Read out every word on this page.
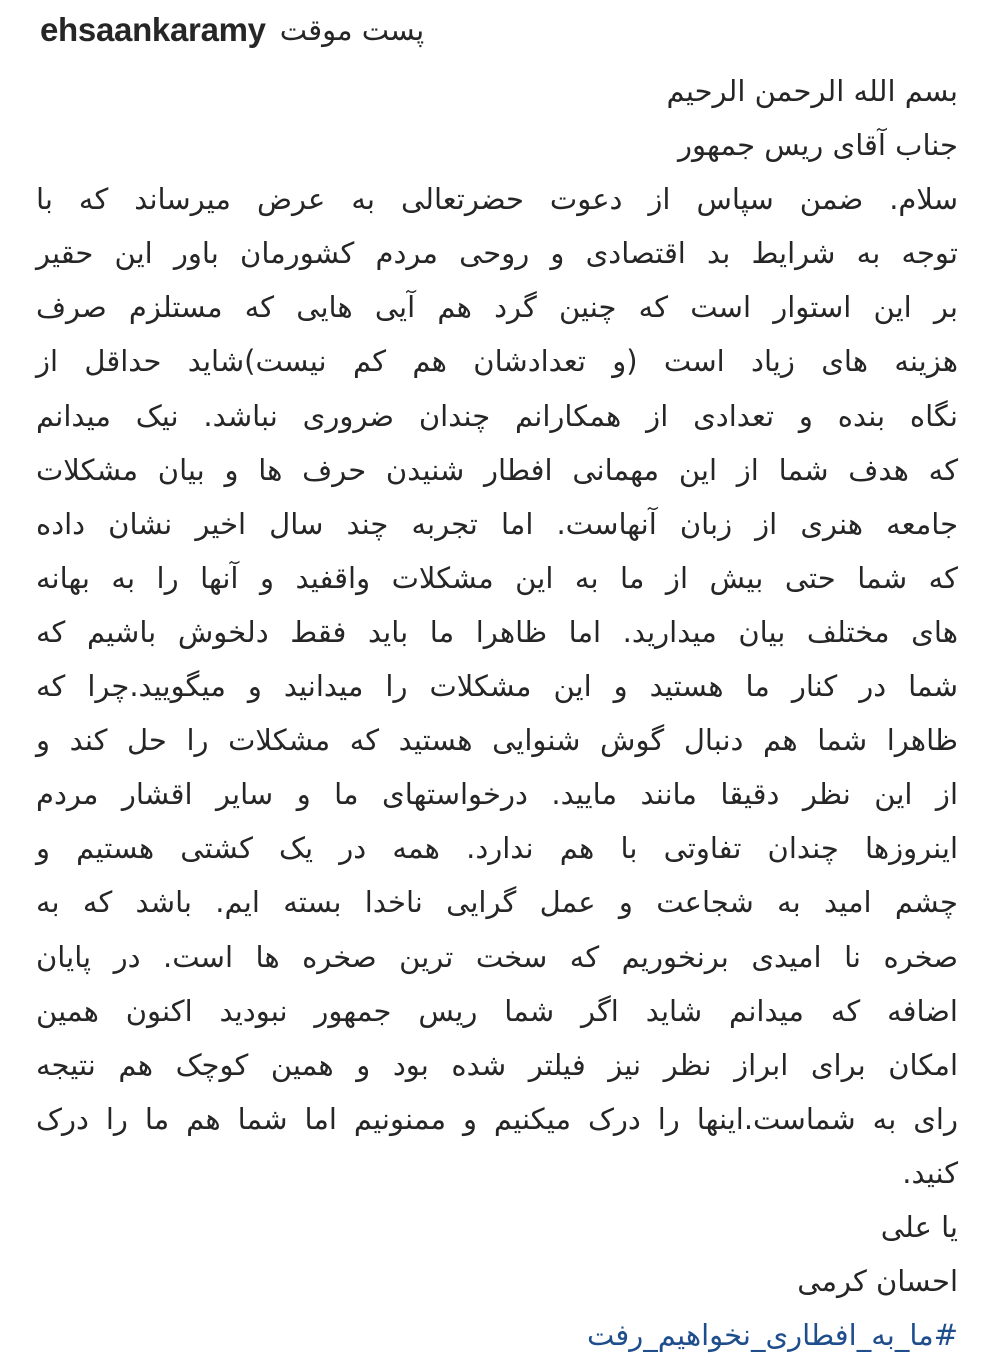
ehsaankaramy پست موقت
بسم الله الرحمن الرحیم
جناب آقای ریس جمهور
سلام. ضمن سپاس از دعوت حضرتعالی به عرض میرساند که با
توجه به شرایط بد اقتصادی و روحی مردم کشورمان باور این حقیر
بر این استوار است که چنین گرد هم آیی هایی که مستلزم صرف
هزینه های زیاد است (و تعدادشان هم کم نیست)شاید حداقل از
نگاه بنده و تعدادی از همکارانم چندان ضروری نباشد. نیک میدانم
که هدف شما از این مهمانی افطار شنیدن حرف ها و بیان مشکلات
جامعه هنری از زبان آنهاست. اما تجربه چند سال اخیر نشان داده
که شما حتی بیش از ما به این مشکلات واقفید و آنها را به بهانه
های مختلف بیان میدارید. اما ظاهرا ما باید فقط دلخوش باشیم که
شما در کنار ما هستید و این مشکلات را میدانید و میگویید.چرا که
ظاهرا شما هم دنبال گوش شنوایی هستید که مشکلات را حل کند و
از این نظر دقیقا مانند مایید. درخواستهای ما و سایر اقشار مردم
اینروزها چندان تفاوتی با هم ندارد. همه در یک کشتی هستیم و
چشم امید به شجاعت و عمل گرایی ناخدا بسته ایم. باشد که به
صخره نا امیدی برنخوریم که سخت ترین صخره ها است. در پایان
اضافه که میدانم شاید اگر شما ریس جمهور نبودید اکنون همین
امکان برای ابراز نظر نیز فیلتر شده بود و همین کوچک هم نتیجه
رای به شماست.اینها را درک میکنیم و ممنونیم اما شما هم ما را درک
کنید.
یا علی
احسان کرمی
#ما_به_افطاری_نخواهیم_رفت
